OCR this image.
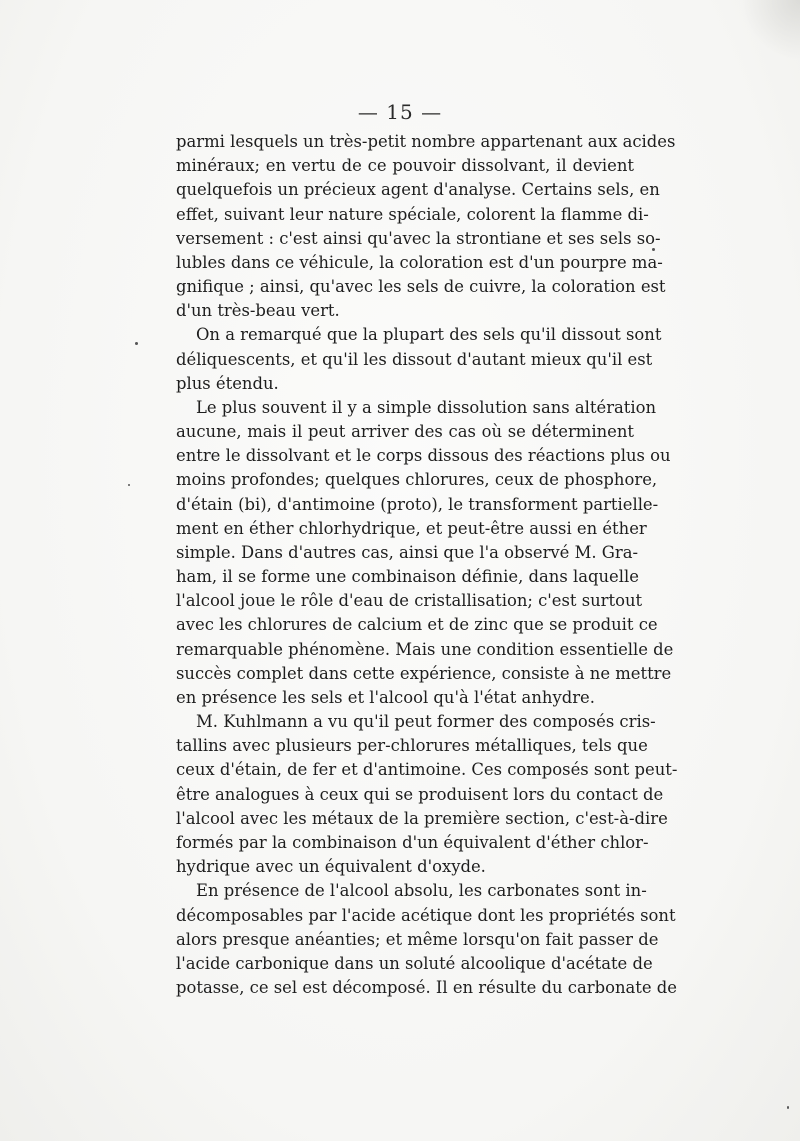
— 15 —
parmi lesquels un très-petit nombre appartenant aux acides
minéraux; en vertu de ce pouvoir dissolvant, il devient
quelquefois un précieux agent d'analyse. Certains sels, en
effet, suivant leur nature spéciale, colorent la flamme di-
versement : c'est ainsi qu'avec la strontiane et ses sels so-
lubles dans ce véhicule, la coloration est d'un pourpre ma-
gnifique ; ainsi, qu'avec les sels de cuivre, la coloration est
d'un très-beau vert.
On a remarqué que la plupart des sels qu'il dissout sont
déliquescents, et qu'il les dissout d'autant mieux qu'il est
plus étendu.
Le plus souvent il y a simple dissolution sans altération
aucune, mais il peut arriver des cas où se déterminent
entre le dissolvant et le corps dissous des réactions plus ou
moins profondes; quelques chlorures, ceux de phosphore,
d'étain (bi), d'antimoine (proto), le transforment partielle-
ment en éther chlorhydrique, et peut-être aussi en éther
simple. Dans d'autres cas, ainsi que l'a observé M. Gra-
ham, il se forme une combinaison définie, dans laquelle
l'alcool joue le rôle d'eau de cristallisation; c'est surtout
avec les chlorures de calcium et de zinc que se produit ce
remarquable phénomène. Mais une condition essentielle de
succès complet dans cette expérience, consiste à ne mettre
en présence les sels et l'alcool qu'à l'état anhydre.
M. Kuhlmann a vu qu'il peut former des composés cris-
tallins avec plusieurs per-chlorures métalliques, tels que
ceux d'étain, de fer et d'antimoine. Ces composés sont peut-
être analogues à ceux qui se produisent lors du contact de
l'alcool avec les métaux de la première section, c'est-à-dire
formés par la combinaison d'un équivalent d'éther chlor-
hydrique avec un équivalent d'oxyde.
En présence de l'alcool absolu, les carbonates sont in-
décomposables par l'acide acétique dont les propriétés sont
alors presque anéanties; et même lorsqu'on fait passer de
l'acide carbonique dans un soluté alcoolique d'acétate de
potasse, ce sel est décomposé. Il en résulte du carbonate de
